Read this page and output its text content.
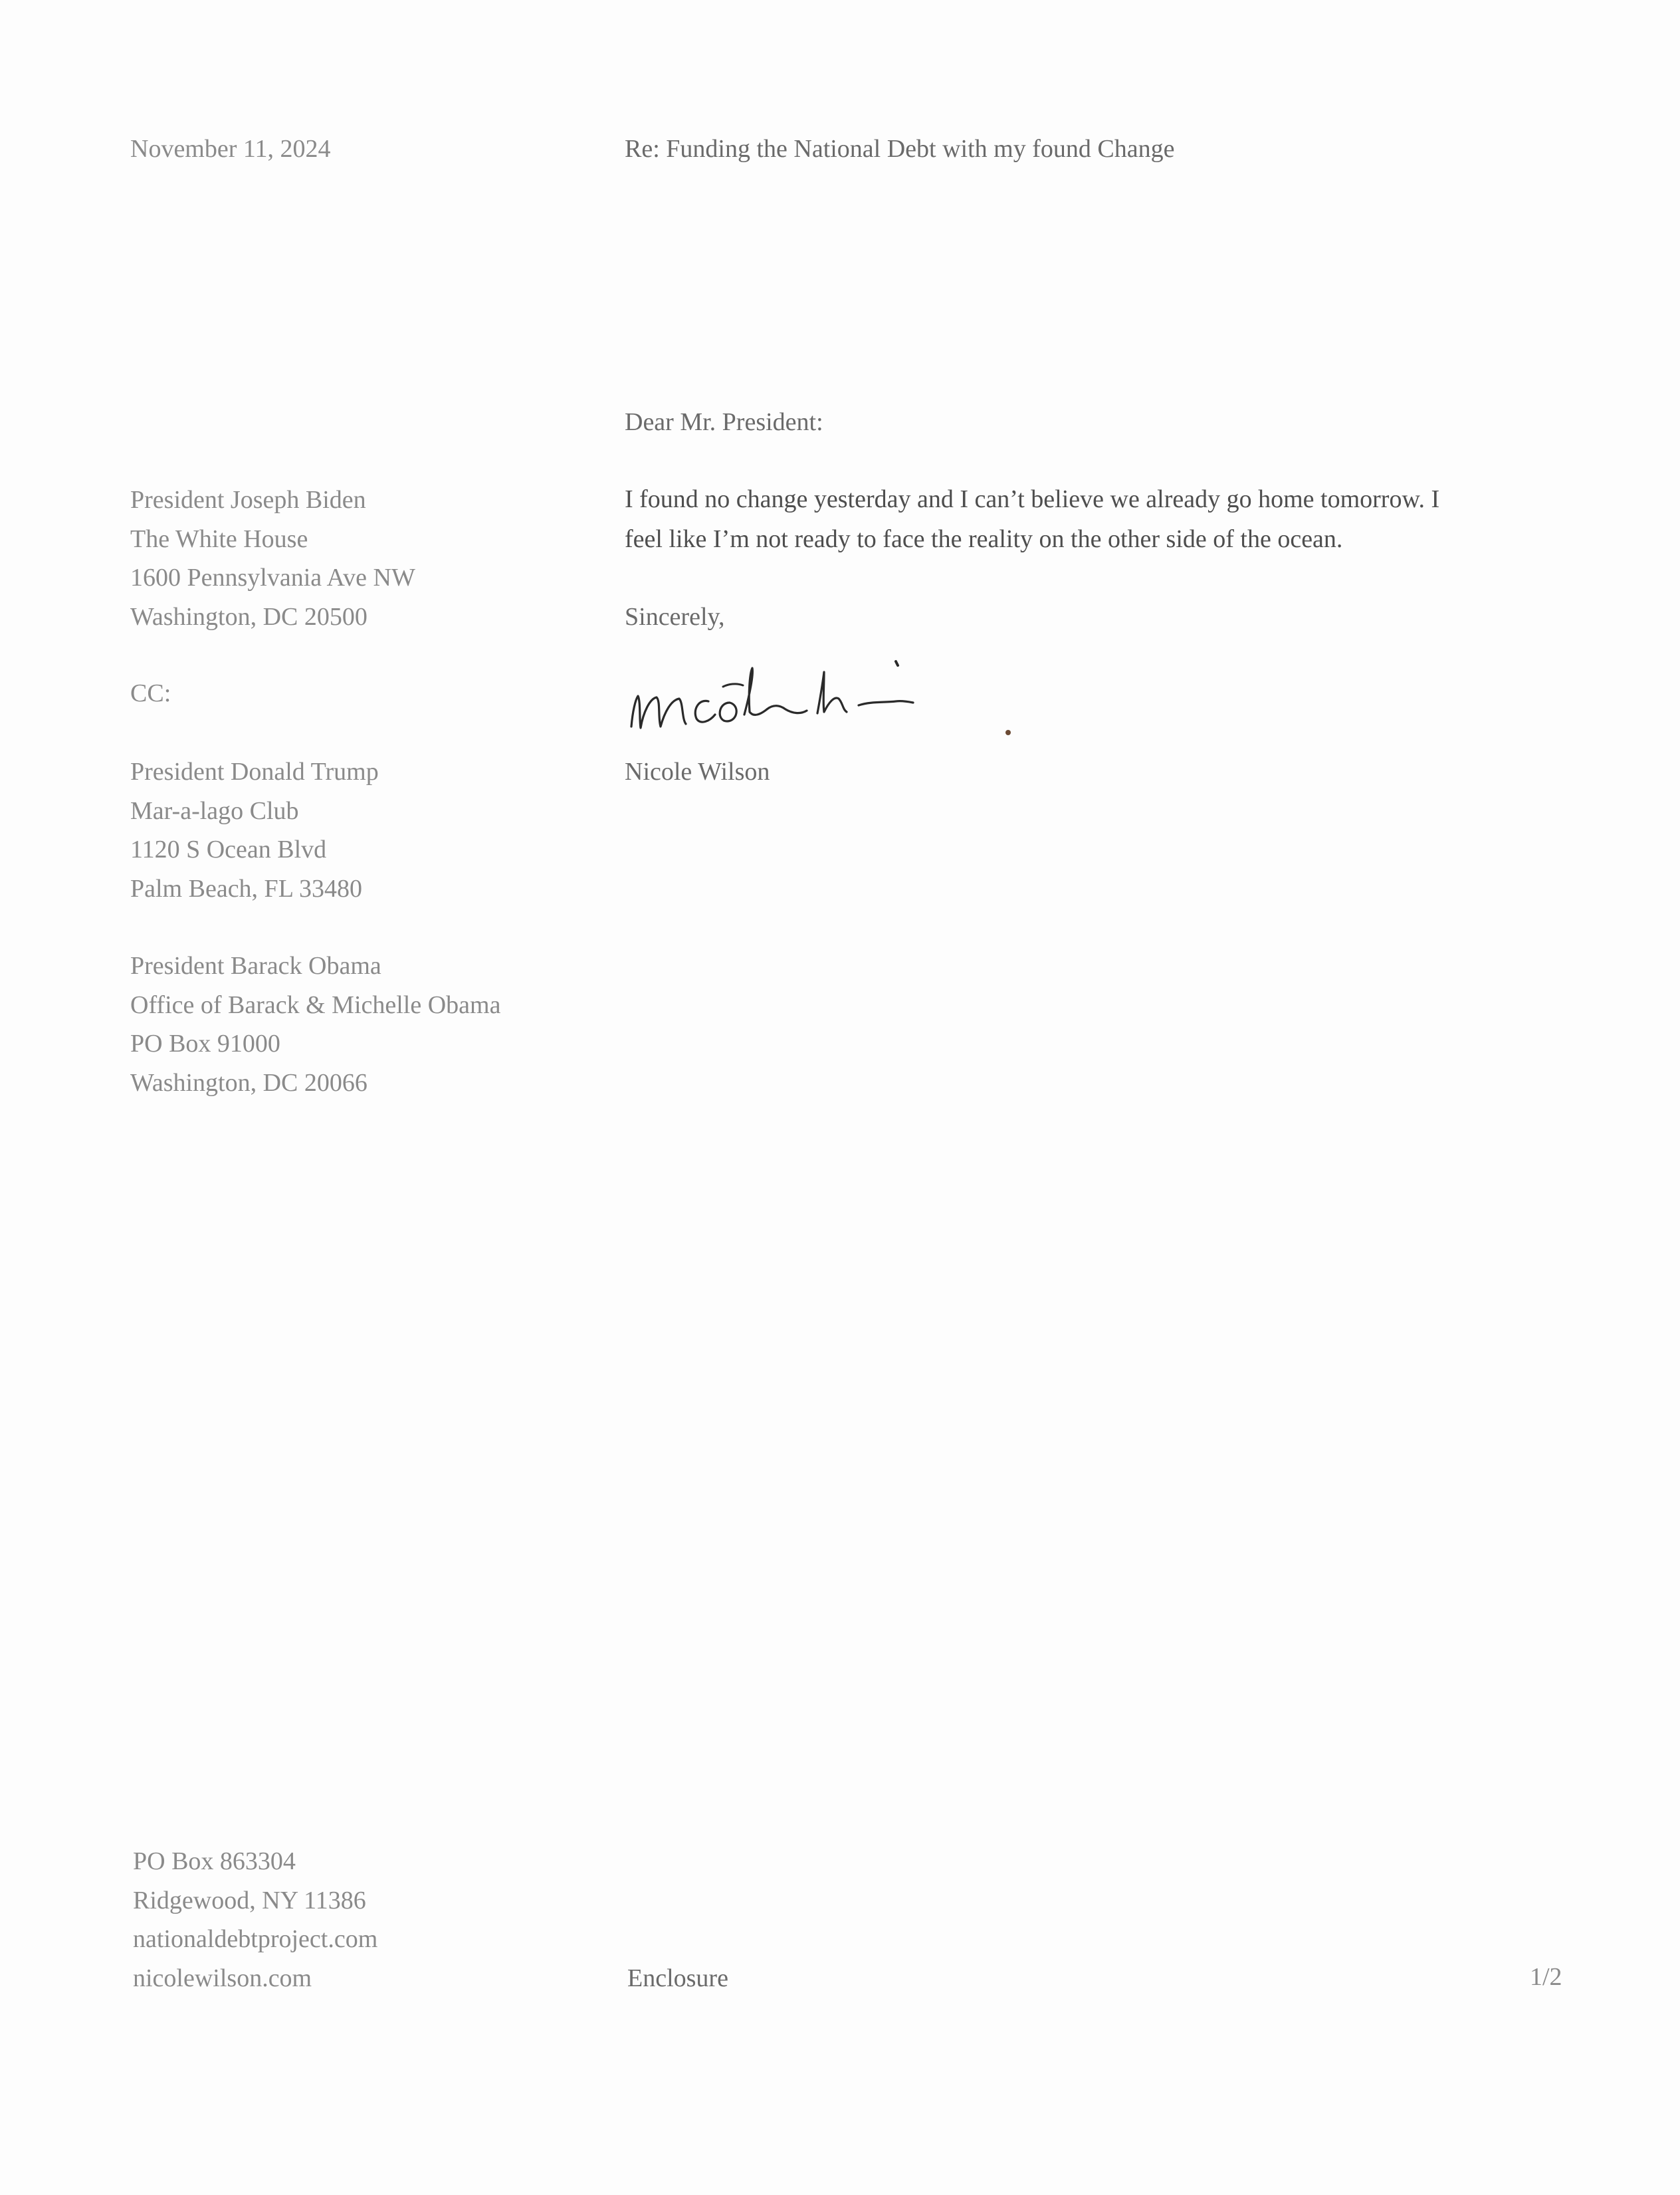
November 11, 2024	Re: Funding the National Debt with my found Change
Dear Mr. President:
President Joseph Biden
The White House
1600 Pennsylvania Ave NW
Washington, DC 20500
I found no change yesterday and I can’t believe we already go home tomorrow. I
feel like I’m not ready to face the reality on the other side of the ocean.
Sincerely,
Nicole Wilson
CC:
President Donald Trump
Mar-a-lago Club
1120 S Ocean Blvd
Palm Beach, FL 33480
President Barack Obama
Office of Barack & Michelle Obama
PO Box 91000
Washington, DC 20066
PO Box 863304
Ridgewood, NY 11386
nationaldebtproject.com
nicolewilson.com	Enclosure	1/2
